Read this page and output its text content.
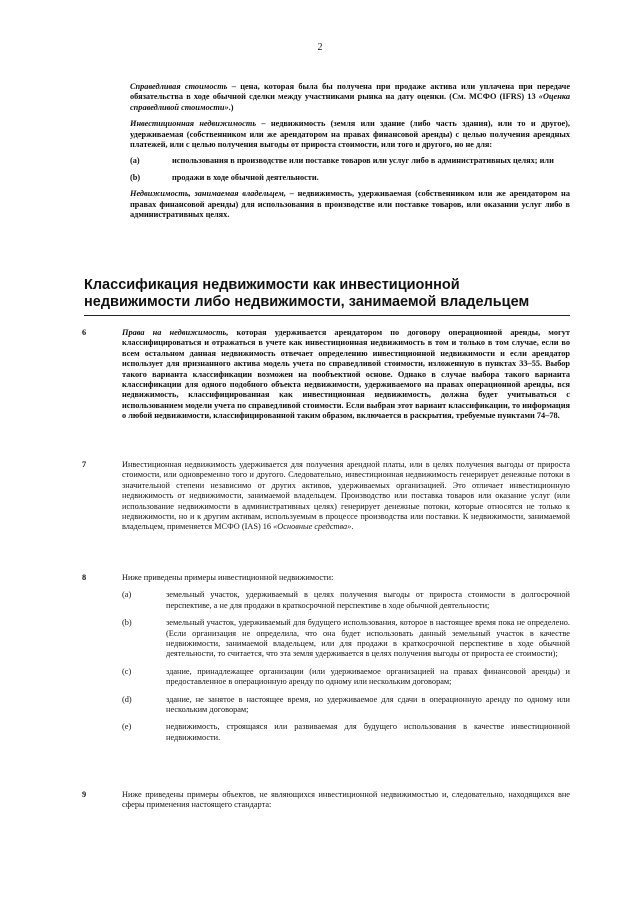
2

Справедливая стоимость – цена, которая была бы получена при продаже актива или уплачена при передаче обязательства в ходе обычной сделки между участниками рынка на дату оценки. (См. МСФО (IFRS) 13 «Оценка справедливой стоимости».)

Инвестиционная недвижимость – недвижимость (земля или здание (либо часть здания), или то и другое), удерживаемая (собственником или же арендатором на правах финансовой аренды) с целью получения арендных платежей, или с целью получения выгоды от прироста стоимости, или того и другого, но не для:

(a)	использования в производстве или поставке товаров или услуг либо в административных целях; или
(b)	продажи в ходе обычной деятельности.

Недвижимость, занимаемая владельцем, – недвижимость, удерживаемая (собственником или же арендатором на правах финансовой аренды) для использования в производстве или поставке товаров, или оказании услуг либо в административных целях.

Классификация недвижимости как инвестиционной недвижимости либо недвижимости, занимаемой владельцем
6	Права на недвижимость, которая удерживается арендатором по договору операционной аренды, могут классифицироваться и отражаться в учете как инвестиционная недвижимость в том и только в том случае, если во всем остальном данная недвижимость отвечает определению инвестиционной недвижимости и если арендатор использует для признанного актива модель учета по справедливой стоимости, изложенную в пунктах 33–55. Выбор такого варианта классификации возможен на пообъектной основе. Однако в случае выбора такого варианта классификации для одного подобного объекта недвижимости, удерживаемого на правах операционной аренды, вся недвижимость, классифицированная как инвестиционная недвижимость, должна будет учитываться с использованием модели учета по справедливой стоимости. Если выбран этот вариант классификации, то информация о любой недвижимости, классифицированной таким образом, включается в раскрытия, требуемые пунктами 74–78.
7	Инвестиционная недвижимость удерживается для получения арендной платы, или в целях получения выгоды от прироста стоимости, или одновременно того и другого. Следовательно, инвестиционная недвижимость генерирует денежные потоки в значительной степени независимо от других активов, удерживаемых организацией. Это отличает инвестиционную недвижимость от недвижимости, занимаемой владельцем. Производство или поставка товаров или оказание услуг (или использование недвижимости в административных целях) генерирует денежные потоки, которые относятся не только к недвижимости, но и к другим активам, используемым в процессе производства или поставки. К недвижимости, занимаемой владельцем, применяется МСФО (IAS) 16 «Основные средства».
8	Ниже приведены примеры инвестиционной недвижимости:
(a)	земельный участок, удерживаемый в целях получения выгоды от прироста стоимости в долгосрочной перспективе, а не для продажи в краткосрочной перспективе в ходе обычной деятельности;
(b)	земельный участок, удерживаемый для будущего использования, которое в настоящее время пока не определено. (Если организация не определила, что она будет использовать данный земельный участок в качестве недвижимости, занимаемой владельцем, или для продажи в краткосрочной перспективе в ходе обычной деятельности, то считается, что эта земля удерживается в целях получения выгоды от прироста ее стоимости);
(c)	здание, принадлежащее организации (или удерживаемое организацией на правах финансовой аренды) и предоставленное в операционную аренду по одному или нескольким договорам;
(d)	здание, не занятое в настоящее время, но удерживаемое для сдачи в операционную аренду по одному или нескольким договорам;
(e)	недвижимость, строящаяся или развиваемая для будущего использования в качестве инвестиционной недвижимости.
9	Ниже приведены примеры объектов, не являющихся инвестиционной недвижимостью и, следовательно, находящихся вне сферы применения настоящего стандарта:
